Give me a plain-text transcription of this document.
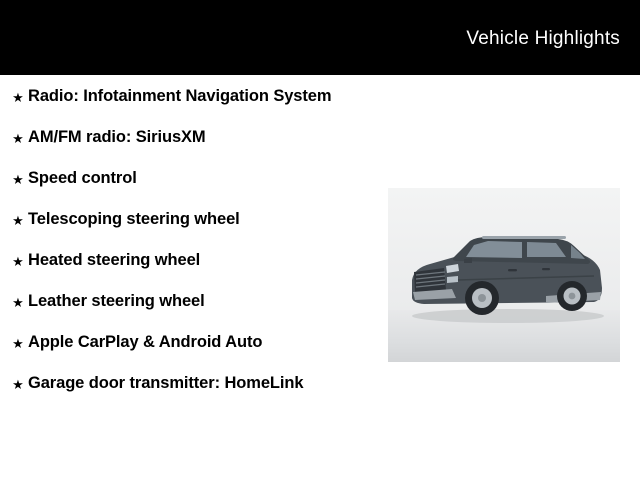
Vehicle Highlights
★ Radio: Infotainment Navigation System
★ AM/FM radio: SiriusXM
★ Speed control
★ Telescoping steering wheel
★ Heated steering wheel
★ Leather steering wheel
★ Apple CarPlay & Android Auto
★ Garage door transmitter: HomeLink
